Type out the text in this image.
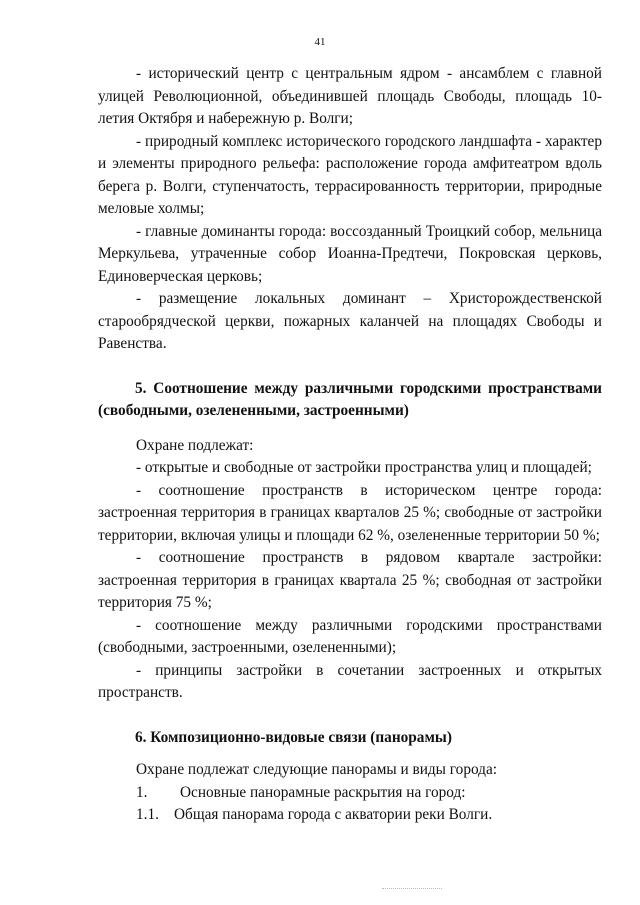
41

- исторический центр с центральным ядром - ансамблем с главной улицей Революционной, объединившей площадь Свободы, площадь 10-летия Октября и набережную р. Волги;

- природный комплекс исторического городского ландшафта - характер и элементы природного рельефа: расположение города амфитеатром вдоль берега р. Волги, ступенчатость, террасированность территории, природные меловые холмы;

- главные доминанты города: воссозданный Троицкий собор, мельница Меркульева, утраченные собор Иоанна-Предтечи, Покровская церковь, Единоверческая церковь;

- размещение локальных доминант – Христорождественской старообрядческой церкви, пожарных каланчей на площадях Свободы и Равенства.

5. Соотношение между различными городскими пространствами (свободными, озелененными, застроенными)

Охране подлежат:

- открытые и свободные от застройки пространства улиц и площадей;

- соотношение пространств в историческом центре города: застроенная территория в границах кварталов 25 %; свободные от застройки территории, включая улицы и площади 62 %, озелененные территории 50 %;

- соотношение пространств в рядовом квартале застройки: застроенная территория в границах квартала 25 %; свободная от застройки территория 75 %;

- соотношение между различными городскими пространствами (свободными, застроенными, озелененными);

- принципы застройки в сочетании застроенных и открытых пространств.

6. Композиционно-видовые связи (панорамы)

Охране подлежат следующие панорамы и виды города:

1.	Основные панорамные раскрытия на город:
1.1. Общая панорама города с акватории реки Волги.
